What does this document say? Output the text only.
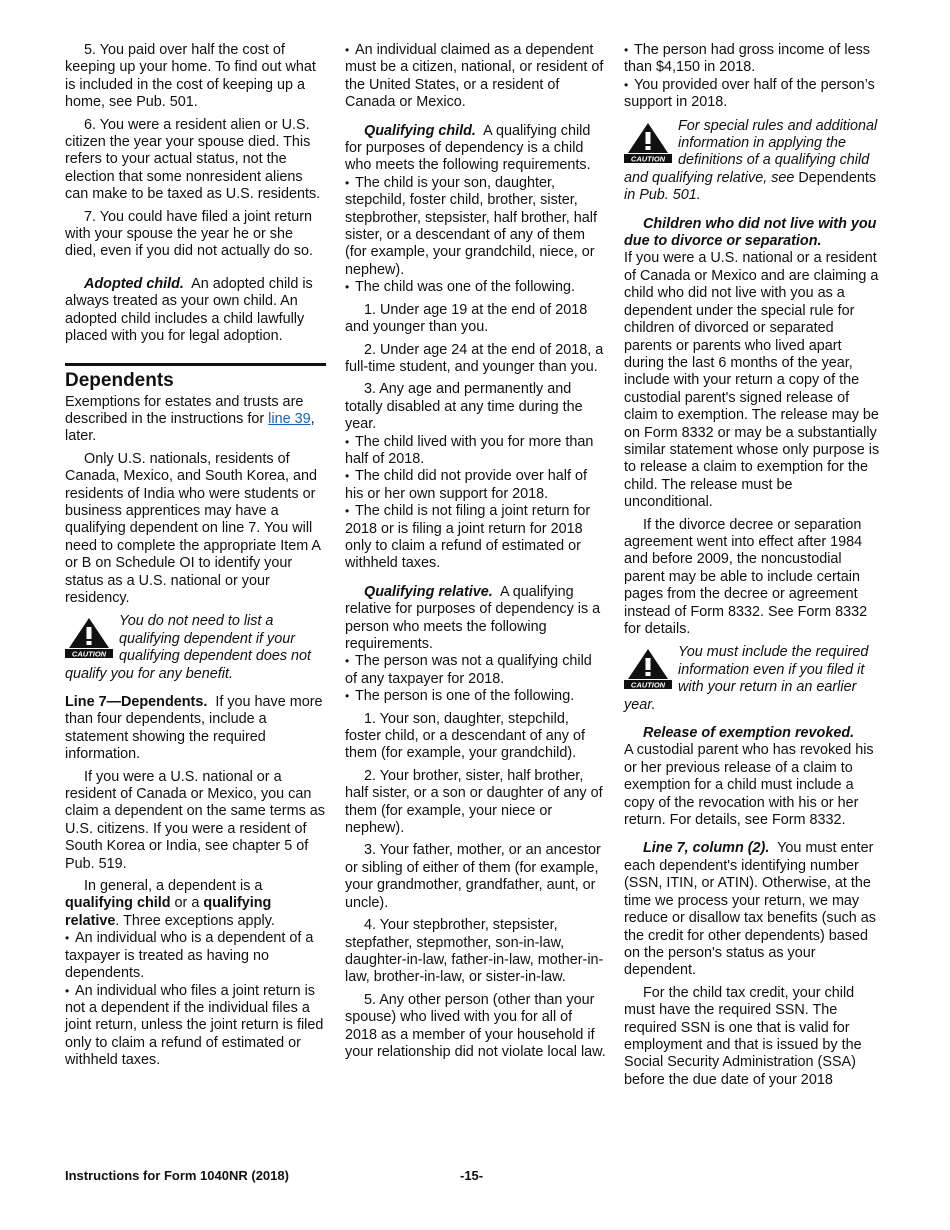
5. You paid over half the cost of keeping up your home. To find out what is included in the cost of keeping up a home, see Pub. 501.

6. You were a resident alien or U.S. citizen the year your spouse died. This refers to your actual status, not the election that some nonresident aliens can make to be taxed as U.S. residents.

7. You could have filed a joint return with your spouse the year he or she died, even if you did not actually do so.

Adopted child. An adopted child is always treated as your own child. An adopted child includes a child lawfully placed with you for legal adoption.

Dependents

Exemptions for estates and trusts are described in the instructions for line 39, later.

Only U.S. nationals, residents of Canada, Mexico, and South Korea, and residents of India who were students or business apprentices may have a qualifying dependent on line 7. You will need to complete the appropriate Item A or B on Schedule OI to identify your status as a U.S. national or your residency.

CAUTION
You do not need to list a qualifying dependent if your qualifying dependent does not qualify you for any benefit.

Line 7—Dependents. If you have more than four dependents, include a statement showing the required information.

If you were a U.S. national or a resident of Canada or Mexico, you can claim a dependent on the same terms as U.S. citizens. If you were a resident of South Korea or India, see chapter 5 of Pub. 519.

In general, a dependent is a qualifying child or a qualifying relative. Three exceptions apply.

• An individual who is a dependent of a taxpayer is treated as having no dependents.

• An individual who files a joint return is not a dependent if the individual files a joint return, unless the joint return is filed only to claim a refund of estimated or withheld taxes.

• An individual claimed as a dependent must be a citizen, national, or resident of the United States, or a resident of Canada or Mexico.

Qualifying child. A qualifying child for purposes of dependency is a child who meets the following requirements.

• The child is your son, daughter, stepchild, foster child, brother, sister, stepbrother, stepsister, half brother, half sister, or a descendant of any of them (for example, your grandchild, niece, or nephew).

• The child was one of the following.

1. Under age 19 at the end of 2018 and younger than you.

2. Under age 24 at the end of 2018, a full-time student, and younger than you.

3. Any age and permanently and totally disabled at any time during the year.

• The child lived with you for more than half of 2018.

• The child did not provide over half of his or her own support for 2018.

• The child is not filing a joint return for 2018 or is filing a joint return for 2018 only to claim a refund of estimated or withheld taxes.

Qualifying relative. A qualifying relative for purposes of dependency is a person who meets the following requirements.

• The person was not a qualifying child of any taxpayer for 2018.

• The person is one of the following.

1. Your son, daughter, stepchild, foster child, or a descendant of any of them (for example, your grandchild).

2. Your brother, sister, half brother, half sister, or a son or daughter of any of them (for example, your niece or nephew).

3. Your father, mother, or an ancestor or sibling of either of them (for example, your grandmother, grandfather, aunt, or uncle).

4. Your stepbrother, stepsister, stepfather, stepmother, son-in-law, daughter-in-law, father-in-law, mother-in-law, brother-in-law, or sister-in-law.

5. Any other person (other than your spouse) who lived with you for all of 2018 as a member of your household if your relationship did not violate local law.

• The person had gross income of less than $4,150 in 2018.

• You provided over half of the person’s support in 2018.

CAUTION
For special rules and additional information in applying the definitions of a qualifying child and qualifying relative, see Dependents in Pub. 501.

Children who did not live with you due to divorce or separation.

If you were a U.S. national or a resident of Canada or Mexico and are claiming a child who did not live with you as a dependent under the special rule for children of divorced or separated parents or parents who lived apart during the last 6 months of the year, include with your return a copy of the custodial parent's signed release of claim to exemption. The release may be on Form 8332 or may be a substantially similar statement whose only purpose is to release a claim to exemption for the child. The release must be unconditional.

If the divorce decree or separation agreement went into effect after 1984 and before 2009, the noncustodial parent may be able to include certain pages from the decree or agreement instead of Form 8332. See Form 8332 for details.

CAUTION
You must include the required information even if you filed it with your return in an earlier year.

Release of exemption revoked.

A custodial parent who has revoked his or her previous release of a claim to exemption for a child must include a copy of the revocation with his or her return. For details, see Form 8332.

Line 7, column (2). You must enter each dependent's identifying number (SSN, ITIN, or ATIN). Otherwise, at the time we process your return, we may reduce or disallow tax benefits (such as the credit for other dependents) based on the person's status as your dependent.

For the child tax credit, your child must have the required SSN. The required SSN is one that is valid for employment and that is issued by the Social Security Administration (SSA) before the due date of your 2018

Instructions for Form 1040NR (2018)	-15-
